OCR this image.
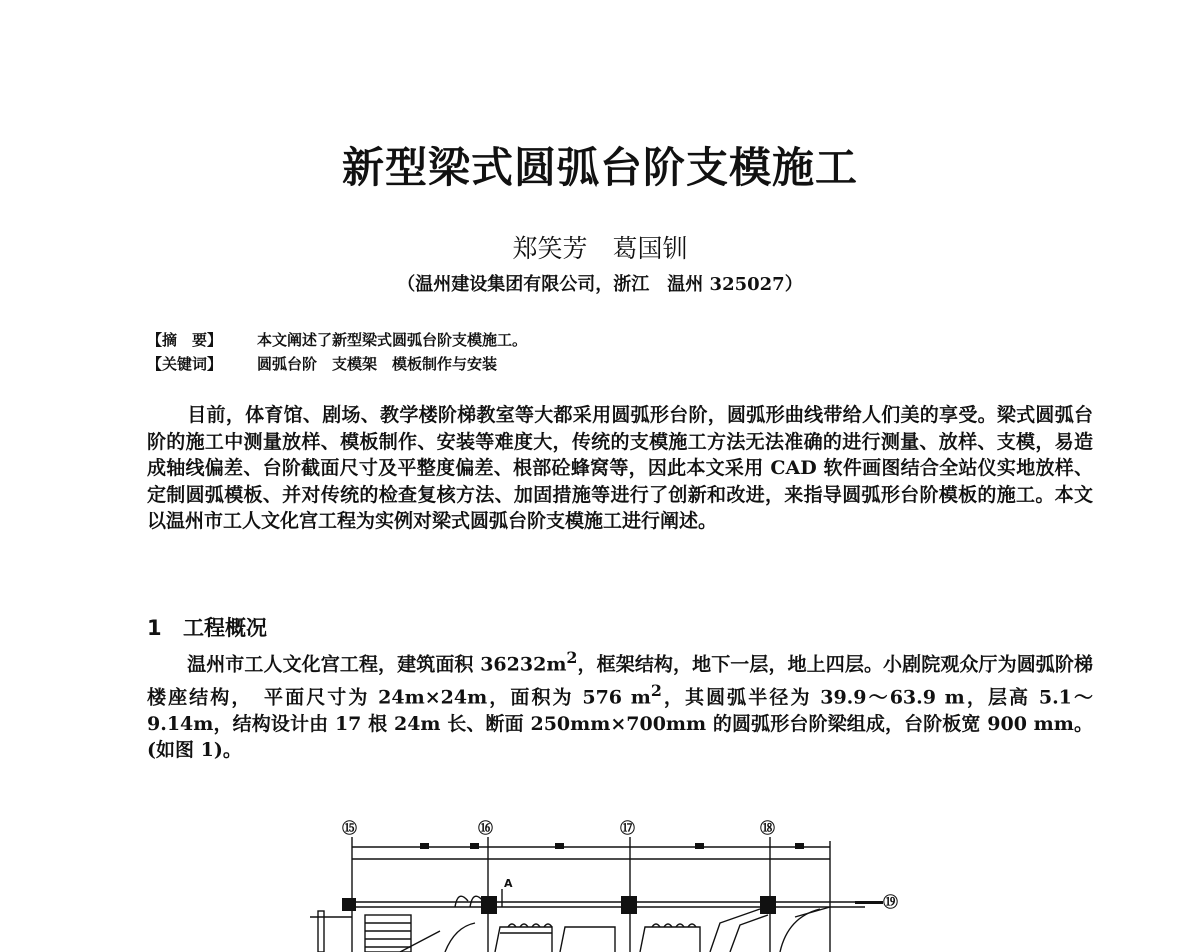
新型梁式圆弧台阶支模施工
郑笑芳　葛国钏
（温州建设集团有限公司，浙江　温州 325027）
【摘　要】 本文阐述了新型梁式圆弧台阶支模施工。
【关键词】 圆弧台阶　支模架　模板制作与安装
目前，体育馆、剧场、教学楼阶梯教室等大都采用圆弧形台阶，圆弧形曲线带给人们美的享受。梁式圆弧台阶的施工中测量放样、模板制作、安装等难度大，传统的支模施工方法无法准确的进行测量、放样、支模，易造成轴线偏差、台阶截面尺寸及平整度偏差、根部砼蜂窝等，因此本文采用 CAD 软件画图结合全站仪实地放样、定制圆弧模板、并对传统的检查复核方法、加固措施等进行了创新和改进，来指导圆弧形台阶模板的施工。本文以温州市工人文化宫工程为实例对梁式圆弧台阶支模施工进行阐述。
1 工程概况
温州市工人文化宫工程，建筑面积 $36232m^2$，框架结构，地下一层，地上四层。小剧院观众厅为圆弧阶梯楼座结构，　平面尺寸为 24m×24m，面积为 576 $m^2$，其圆弧半径为 39.9～63.9 m，层高 5.1～9.14m，结构设计由 17 根 24m 长、断面 250mm×700mm 的圆弧形台阶梁组成，台阶板宽 900 mm。 (如图 1)。
⑮	⑯	⑰	⑱
⑲
A
